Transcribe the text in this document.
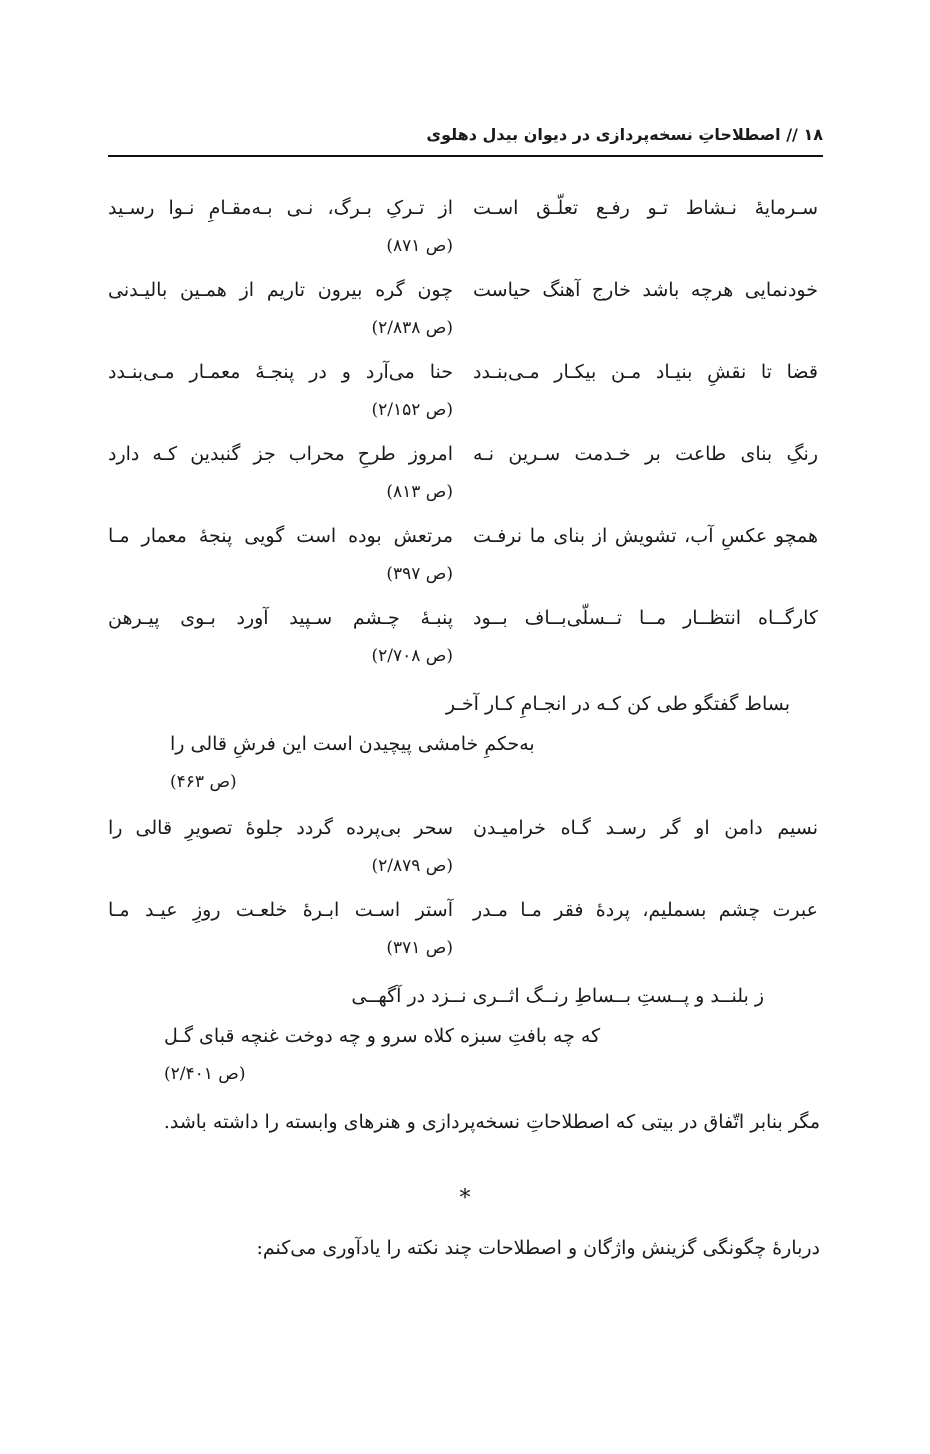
۱۸ // اصطلاحاتِ نسخه‌پردازی در دیوان بیدل دهلوی
سـرمایۀ نـشاط تـو رفـع تعلّـق اسـت
از تـرکِ بـرگ، نـی بـه‌مقـامِ نـوا رسـید
(ص ۸۷۱)
خودنمایی هرچه باشد خارج آهنگ حیاست
چون گره بیرون تاریم از همـین بالیـدنی
(ص ۲/۸۳۸)
قضا تا نقشِ بنیـاد مـن بیکـار مـی‌بنـدد
حنا می‌آرد و در پنجـۀ معمـار مـی‌بنـدد
(ص ۲/۱۵۲)
رنگِ بنای طاعت بر خـدمت سـرین نـه
امروز طرحِ محراب جز گنبدین کـه دارد
(ص ۸۱۳)
همچو عکسِ آب، تشویش از بنای ما نرفـت
مرتعش بوده است گویی پنجۀ معمار مـا
(ص ۳۹۷)
کارگــاه انتظــار مــا تــسلّی‌بــاف بــود
پنبـۀ چـشم سـپید آورد بـوی پیـرهن
(ص ۲/۷۰۸)
بساط گفتگو طی کن کـه در انجـامِ کـار آخـر
به‌حکمِ خامشی پیچیدن است این فرشِ قالی را
(ص ۴۶۳)
نسیم دامن او گر رسـد گـاه خرامیـدن
سحر بی‌پرده گردد جلوۀ تصویرِ قالی را
(ص ۲/۸۷۹)
عبرت چشم بسملیم، پردۀ فقر مـا مـدر
آستر اسـت ابـرۀ خلعـت روزِ عیـد مـا
(ص ۳۷۱)
ز بلنــد و پــستِ بــساطِ رنــگ اثــری نــزد در آگهــی
که چه بافتِ سبزه کلاه سرو و چه دوخت غنچه قبای گـل
(ص ۲/۴۰۱)
مگر بنابر اتّفاق در بیتی که اصطلاحاتِ نسخه‌پردازی و هنرهای وابسته را داشته باشد.
*
دربارۀ چگونگی گزینش واژگان و اصطلاحات چند نکته را یادآوری می‌کنم:
